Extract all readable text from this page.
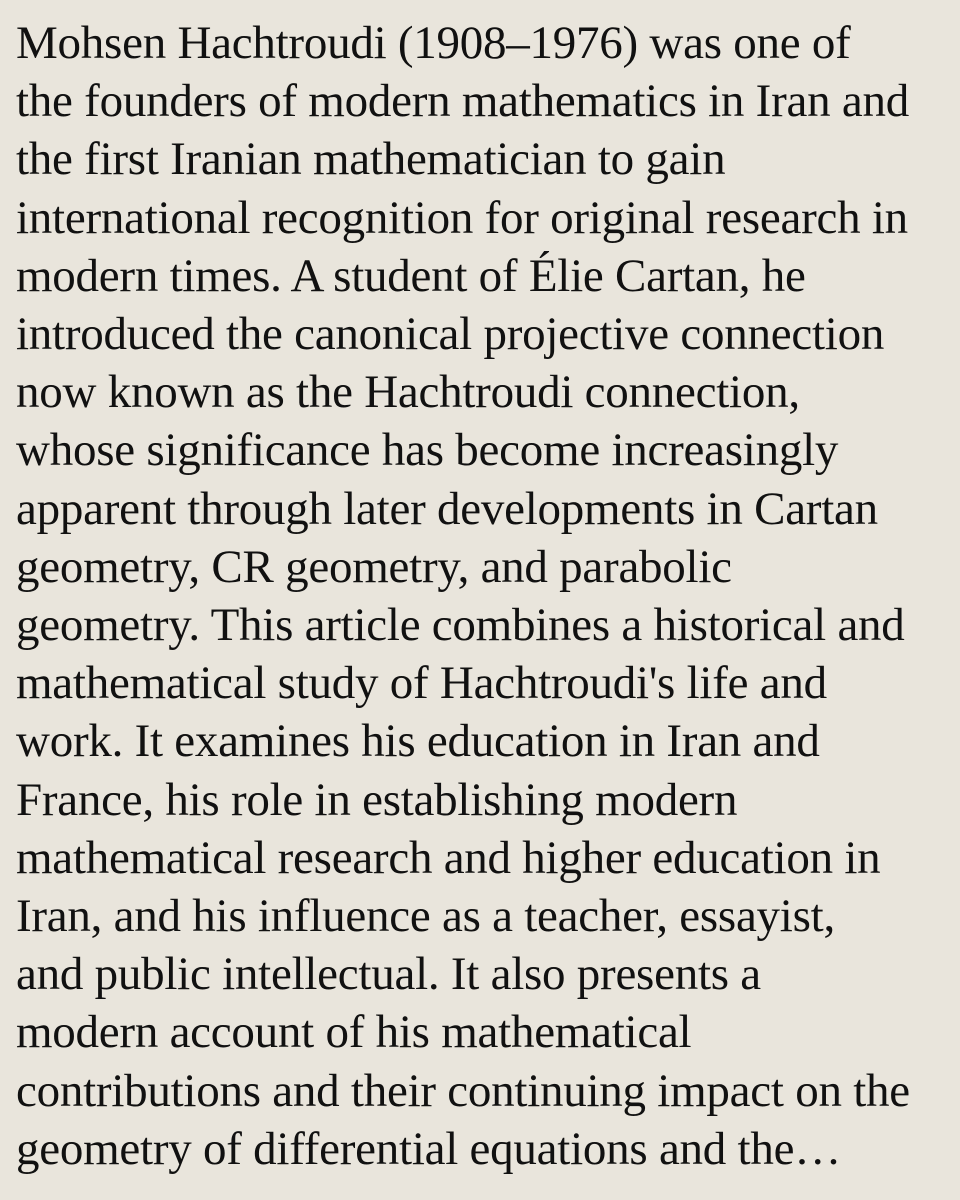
Mohsen Hachtroudi (1908–1976) was one of
the founders of modern mathematics in Iran and
the first Iranian mathematician to gain
international recognition for original research in
modern times. A student of Élie Cartan, he
introduced the canonical projective connection
now known as the Hachtroudi connection,
whose significance has become increasingly
apparent through later developments in Cartan
geometry, CR geometry, and parabolic
geometry. This article combines a historical and
mathematical study of Hachtroudi's life and
work. It examines his education in Iran and
France, his role in establishing modern
mathematical research and higher education in
Iran, and his influence as a teacher, essayist,
and public intellectual. It also presents a
modern account of his mathematical
contributions and their continuing impact on the
geometry of differential equations and the…
